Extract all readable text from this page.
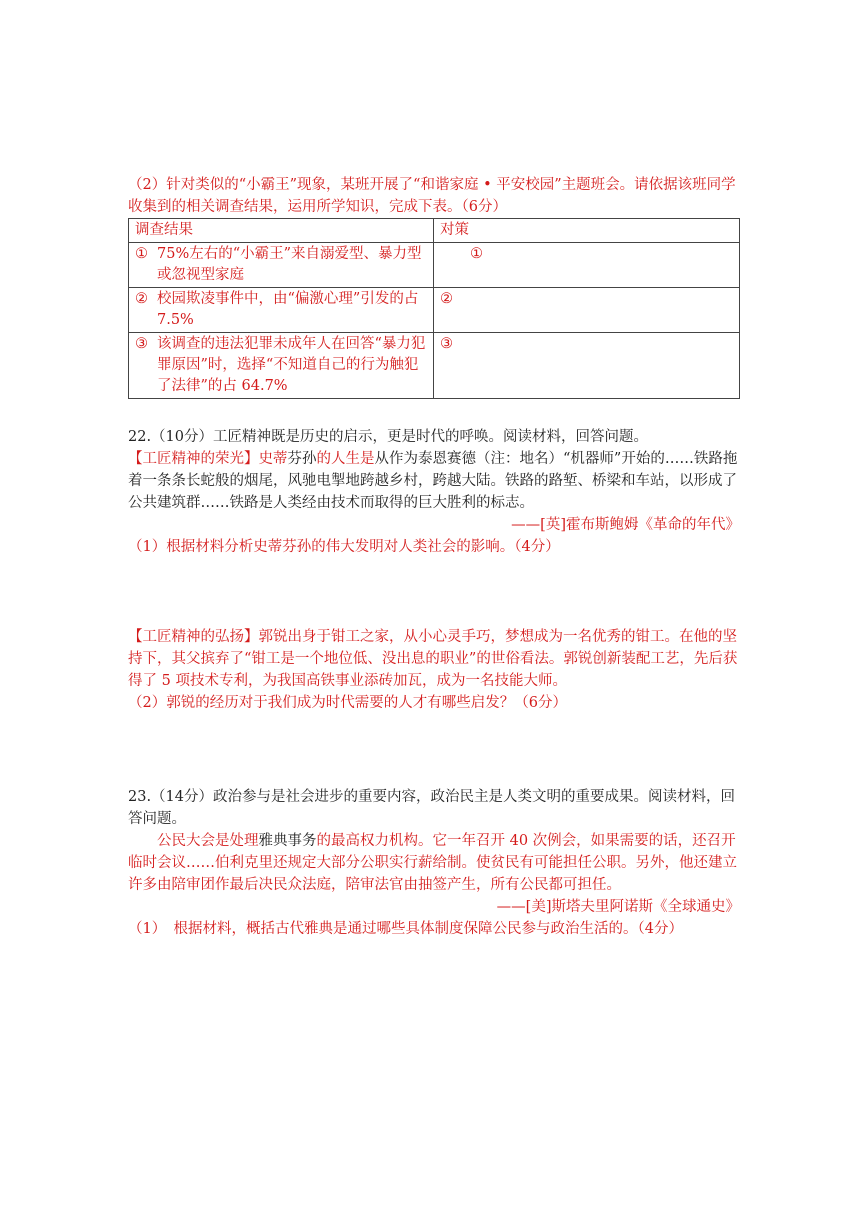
（2）针对类似的“小霸王”现象，某班开展了“和谐家庭 • 平安校园”主题班会。请依据该班同学收集到的相关调查结果，运用所学知识，完成下表。（6分）

调查结果	对策

① 75%左右的“小霸王”来自溺爱型、暴力型或忽视型家庭	①

② 校园欺凌事件中，由“偏激心理”引发的占 7.5%	②

③ 该调查的违法犯罪未成年人在回答“暴力犯罪原因”时，选择“不知道自己的行为触犯了法律”的占 64.7%	③

22.（10分）工匠精神既是历史的启示，更是时代的呼唤。阅读材料，回答问题。

【工匠精神的荣光】史蒂芬孙的人生是从作为泰恩赛德（注：地名）“机器师”开始的……铁路拖着一条条长蛇般的烟尾，风驰电掣地跨越乡村，跨越大陆。铁路的路堑、桥梁和车站，以形成了公共建筑群……铁路是人类经由技术而取得的巨大胜利的标志。

——[英]霍布斯鲍姆《革命的年代》

（1）根据材料分析史蒂芬孙的伟大发明对人类社会的影响。（4分）

【工匠精神的弘扬】郭锐出身于钳工之家，从小心灵手巧，梦想成为一名优秀的钳工。在他的坚持下，其父摈弃了“钳工是一个地位低、没出息的职业”的世俗看法。郭锐创新装配工艺，先后获得了 5 项技术专利，为我国高铁事业添砖加瓦，成为一名技能大师。

（2）郭锐的经历对于我们成为时代需要的人才有哪些启发？（6分）

23.（14分）政治参与是社会进步的重要内容，政治民主是人类文明的重要成果。阅读材料，回答问题。

公民大会是处理雅典事务的最高权力机构。它一年召开 40 次例会，如果需要的话，还召开临时会议……伯利克里还规定大部分公职实行薪给制。使贫民有可能担任公职。另外，他还建立许多由陪审团作最后决民众法庭，陪审法官由抽签产生，所有公民都可担任。

——[美]斯塔夫里阿诺斯《全球通史》

（1）　根据材料，概括古代雅典是通过哪些具体制度保障公民参与政治生活的。（4分）
